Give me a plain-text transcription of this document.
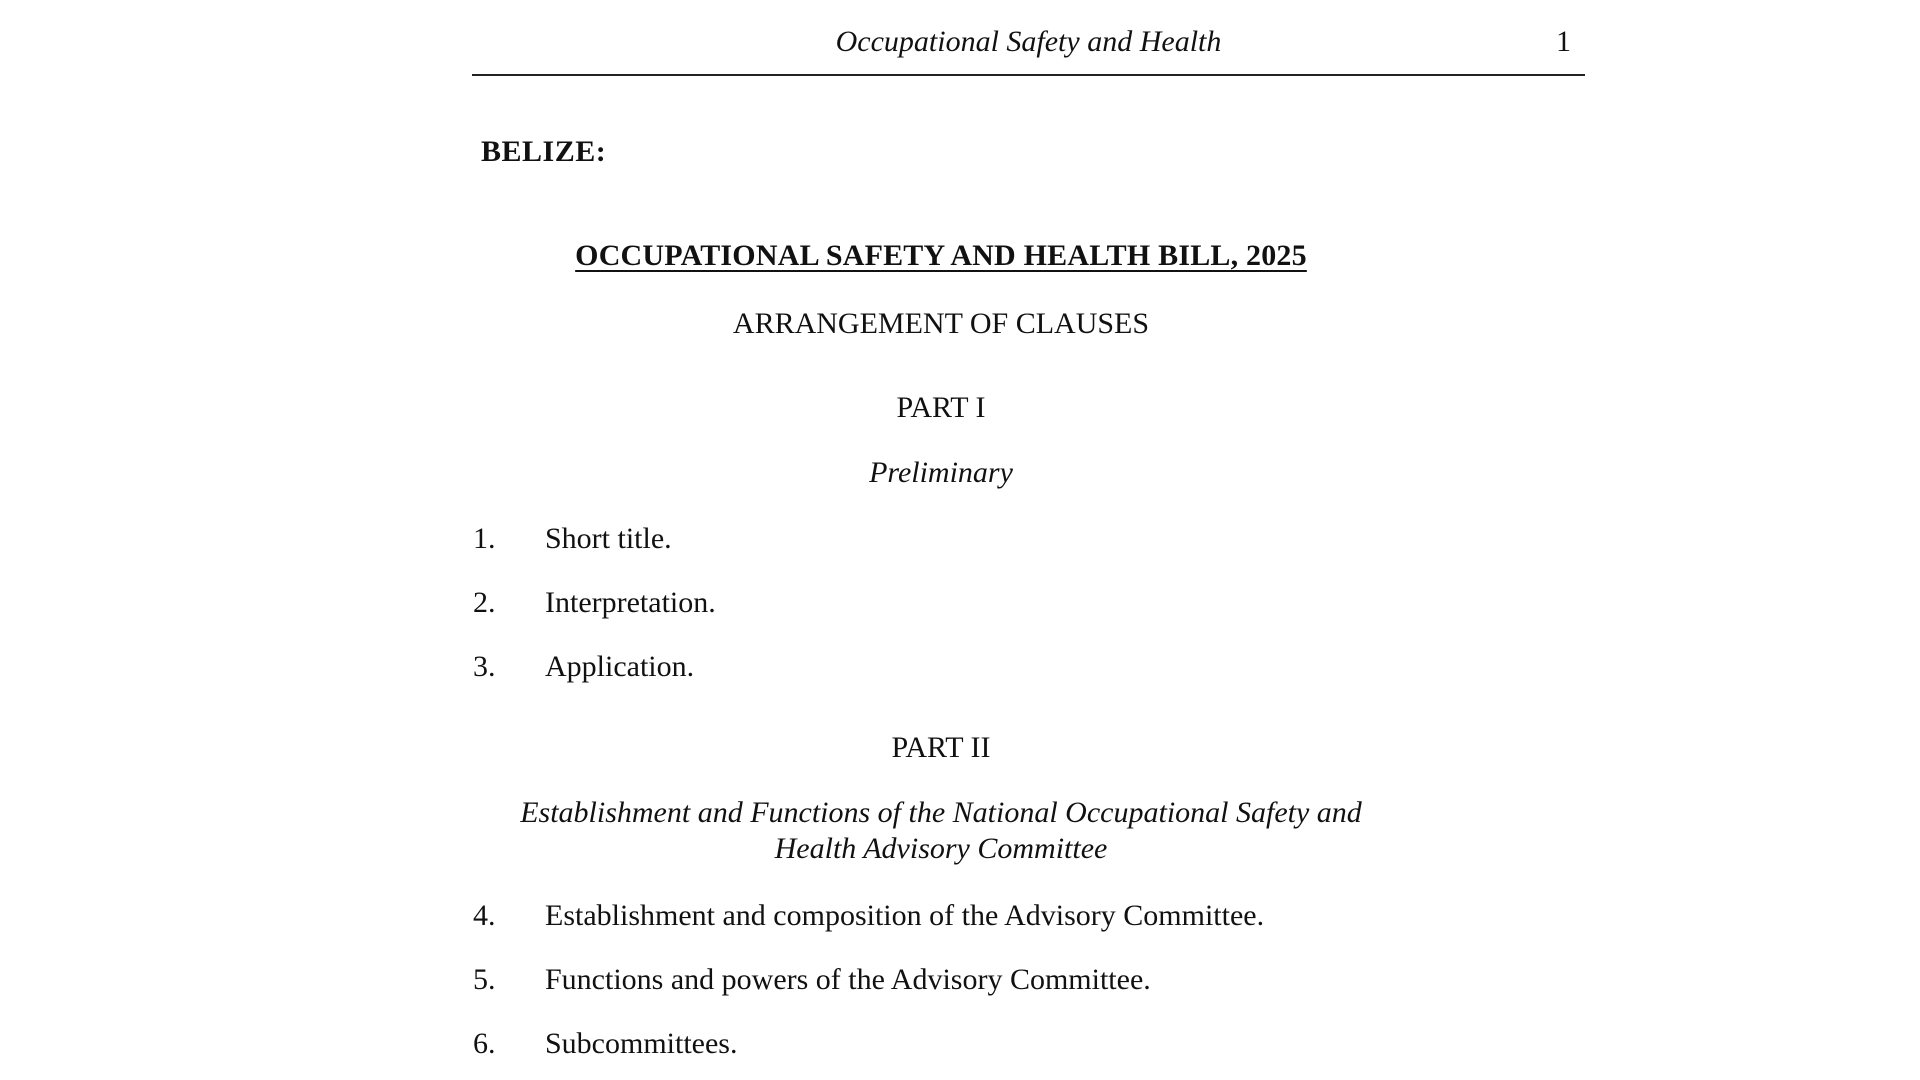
Occupational Safety and Health	1
BELIZE:
OCCUPATIONAL SAFETY AND HEALTH BILL, 2025
ARRANGEMENT OF CLAUSES
PART I
Preliminary
1. Short title.
2. Interpretation.
3. Application.
PART II
Establishment and Functions of the National Occupational Safety and
Health Advisory Committee
4. Establishment and composition of the Advisory Committee.
5. Functions and powers of the Advisory Committee.
6. Subcommittees.
